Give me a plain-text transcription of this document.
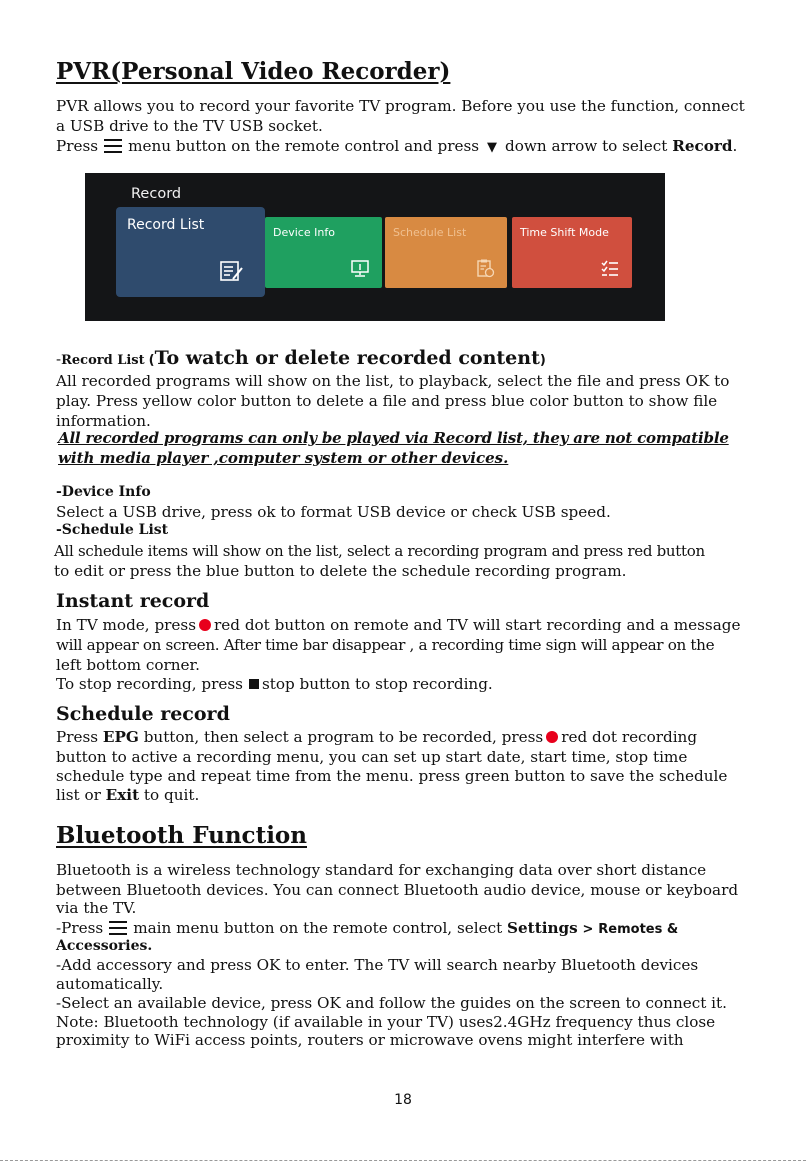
PVR(Personal Video Recorder)
PVR allows you to record your favorite TV program. Before you use the function, connect
a USB drive to the TV USB socket.
Press menu button on the remote control and press ▼ down arrow to select Record.
Record
Record List	Device Info	Schedule List	Time Shift Mode
-Record List (To watch or delete recorded content)
All recorded programs will show on the list, to playback, select the file and press OK to
play. Press yellow color button to delete a file and press blue color button to show file
information.
All recorded programs can only be played via Record list, they are not compatible
with media player ,computer system or other devices.
-Device Info
Select a USB drive, press ok to format USB device or check USB speed.
-Schedule List
All schedule items will show on the list, select a recording program and press red button
to edit or press the blue button to delete the schedule recording program.
Instant record
In TV mode, press red dot button on remote and TV will start recording and a message
will appear on screen. After time bar disappear , a recording time sign will appear on the
left bottom corner.
To stop recording, press stop button to stop recording.
Schedule record
Press EPG button, then select a program to be recorded, press red dot recording
button to active a recording menu, you can set up start date, start time, stop time
schedule type and repeat time from the menu. press green button to save the schedule
list or Exit to quit.
Bluetooth Function
Bluetooth is a wireless technology standard for exchanging data over short distance
between Bluetooth devices. You can connect Bluetooth audio device, mouse or keyboard
via the TV.
-Press main menu button on the remote control, select Settings > Remotes &
Accessories.
-Add accessory and press OK to enter. The TV will search nearby Bluetooth devices
automatically.
-Select an available device, press OK and follow the guides on the screen to connect it.
Note: Bluetooth technology (if available in your TV) uses2.4GHz frequency thus close
proximity to WiFi access points, routers or microwave ovens might interfere with
18
